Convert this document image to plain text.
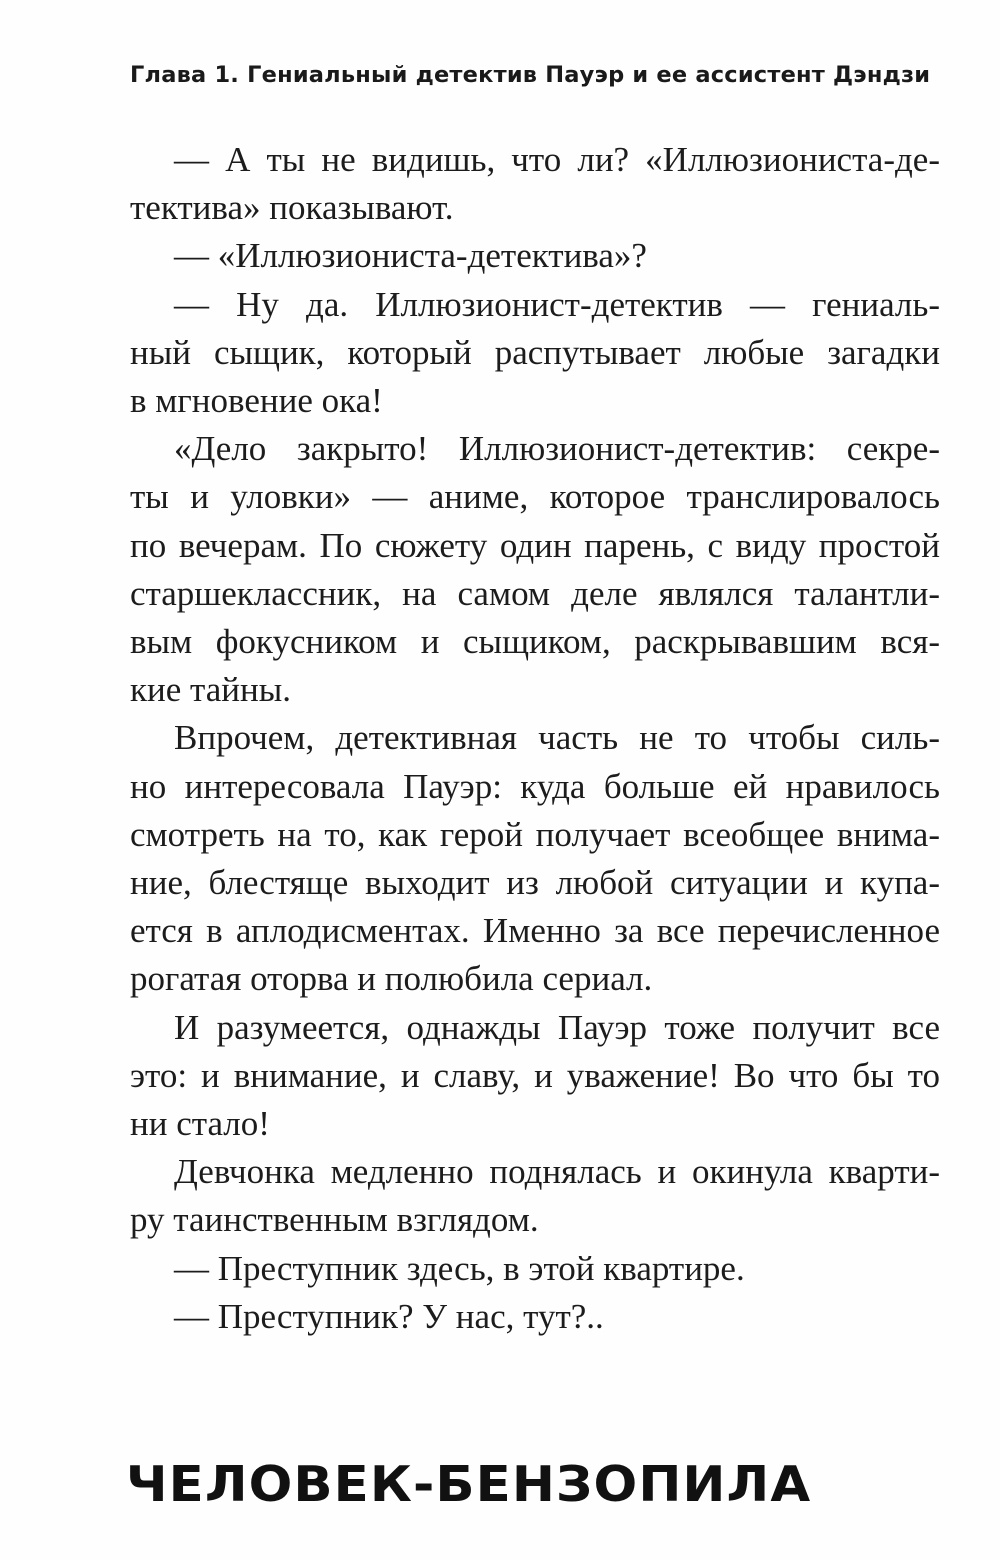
Глава 1. Гениальный детектив Пауэр и ее ассистент Дэндзи
— А ты не видишь, что ли? «Иллюзиониста-де-
тектива» показывают.
— «Иллюзиониста-детектива»?
— Ну да. Иллюзионист-детектив — гениаль-
ный сыщик, который распутывает любые загадки
в мгновение ока!
«Дело закрыто! Иллюзионист-детектив: секре-
ты и уловки» — аниме, которое транслировалось
по вечерам. По сюжету один парень, с виду простой
старшеклассник, на самом деле являлся талантли-
вым фокусником и сыщиком, раскрывавшим вся-
кие тайны.
Впрочем, детективная часть не то чтобы силь-
но интересовала Пауэр: куда больше ей нравилось
смотреть на то, как герой получает всеобщее внима-
ние, блестяще выходит из любой ситуации и купа-
ется в аплодисментах. Именно за все перечисленное
рогатая оторва и полюбила сериал.
И разумеется, однажды Пауэр тоже получит все
это: и внимание, и славу, и уважение! Во что бы то
ни стало!
Девчонка медленно поднялась и окинула кварти-
ру таинственным взглядом.
— Преступник здесь, в этой квартире.
— Преступник? У нас, тут?..
ЧЕЛОВЕК-БЕНЗОПИЛА
